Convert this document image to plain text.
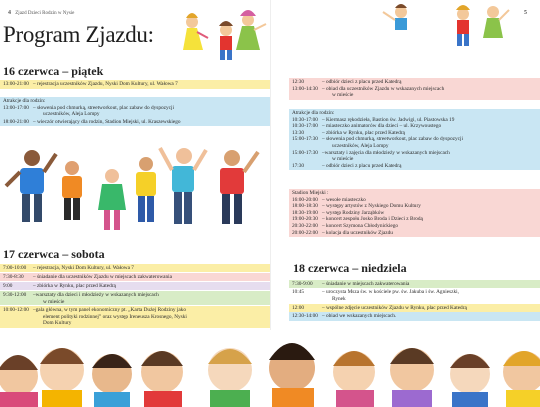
4 Zjazd Dzieci Rodzin w Nysie
Program Zjazdu:
16 czerwca – piątek
13:00-21:00 – rejestracja uczestników Zjazdu, Nyski Dom Kultury, ul. Wałowa 7
Atrakcje dla rodzin:
13:00-17:00 – słowenia pod chmurką, streetworkout, plac zabaw do dyspozycji
uczestników, Aleja Lompy
18:00-21:00 – wieczór otwierający dla rodzin, Stadion Miejski, ul. Kraszewskiego
17 czerwca – sobota
7:00-10:00	– rejestracja, Nyski Dom Kultury, ul. Wałowa 7
7:30-8:30	– śniadanie dla uczestników Zjazdu w miejscach zakwaterowania
9:00	– zbiórka w Rynku, plac przed Katedrą
9:30-12:00	–warsztaty dla dzieci i młodzieży w wskazanych miejscach
w mieście
10:00-12:00 –gala główna, w tym panel ekonomiczny pt. „Karta Dużej Rodziny jako
element polityki rodzinnej” oraz występ Ireneusza Krosnego, Nyski
Dom Kultury
5
12:30	– odbiór dzieci z placu przed Katedrą
13:00-14:30 – obiad dla uczestników Zjazdu w wskazanych miejscach
w mieście
Atrakcje dla rodzin:
10:30-17:00 – Kiermasz rękodzieła, Bastion św. Jadwigi, ul. Piastowska 19
10:30-17:00 – miasteczko animatorów dla dzieci – ul. Krzywoustego
13:30	– zbiórka w Rynku, plac przed Katedrą
15:00-17:30 – słowenia pod chmurką, streetworkout, plac zabaw do dyspozycji
uczestników, Aleja Lompy
15:00-17:30 –warsztaty i zajęcia dla młodzieży w wskazanych miejscach
w mieście
17:30	– odbiór dzieci z placu przed Katedrą
Stadion Miejski :
16:00-20:00 – wesołe miasteczko
18:00-18:30 – występy artystów z Nyskiego Domu Kultury
18:30-19:00 – występ Rodziny Jarząbków
19:00-20:30 – koncert zespołu Josko Broda i Dzieci z Brodą
20:30-22:00 – koncert Szymona Chłodynickiego
20:00-22:00 – kolacja dla uczestników Zjazdu
18 czerwca – niedziela
7:30-9:00	– śniadanie w miejscach zakwaterowania
10:45	– uroczysta Msza św. w kościele pw. św. Jakuba i św. Agnieszki,
Rynek
12:00	– wspólne zdjęcie uczestników Zjazdu w Rynku, plac przed Katedrą
12:30-14:00 – obiad we wskazanych miejscach.
